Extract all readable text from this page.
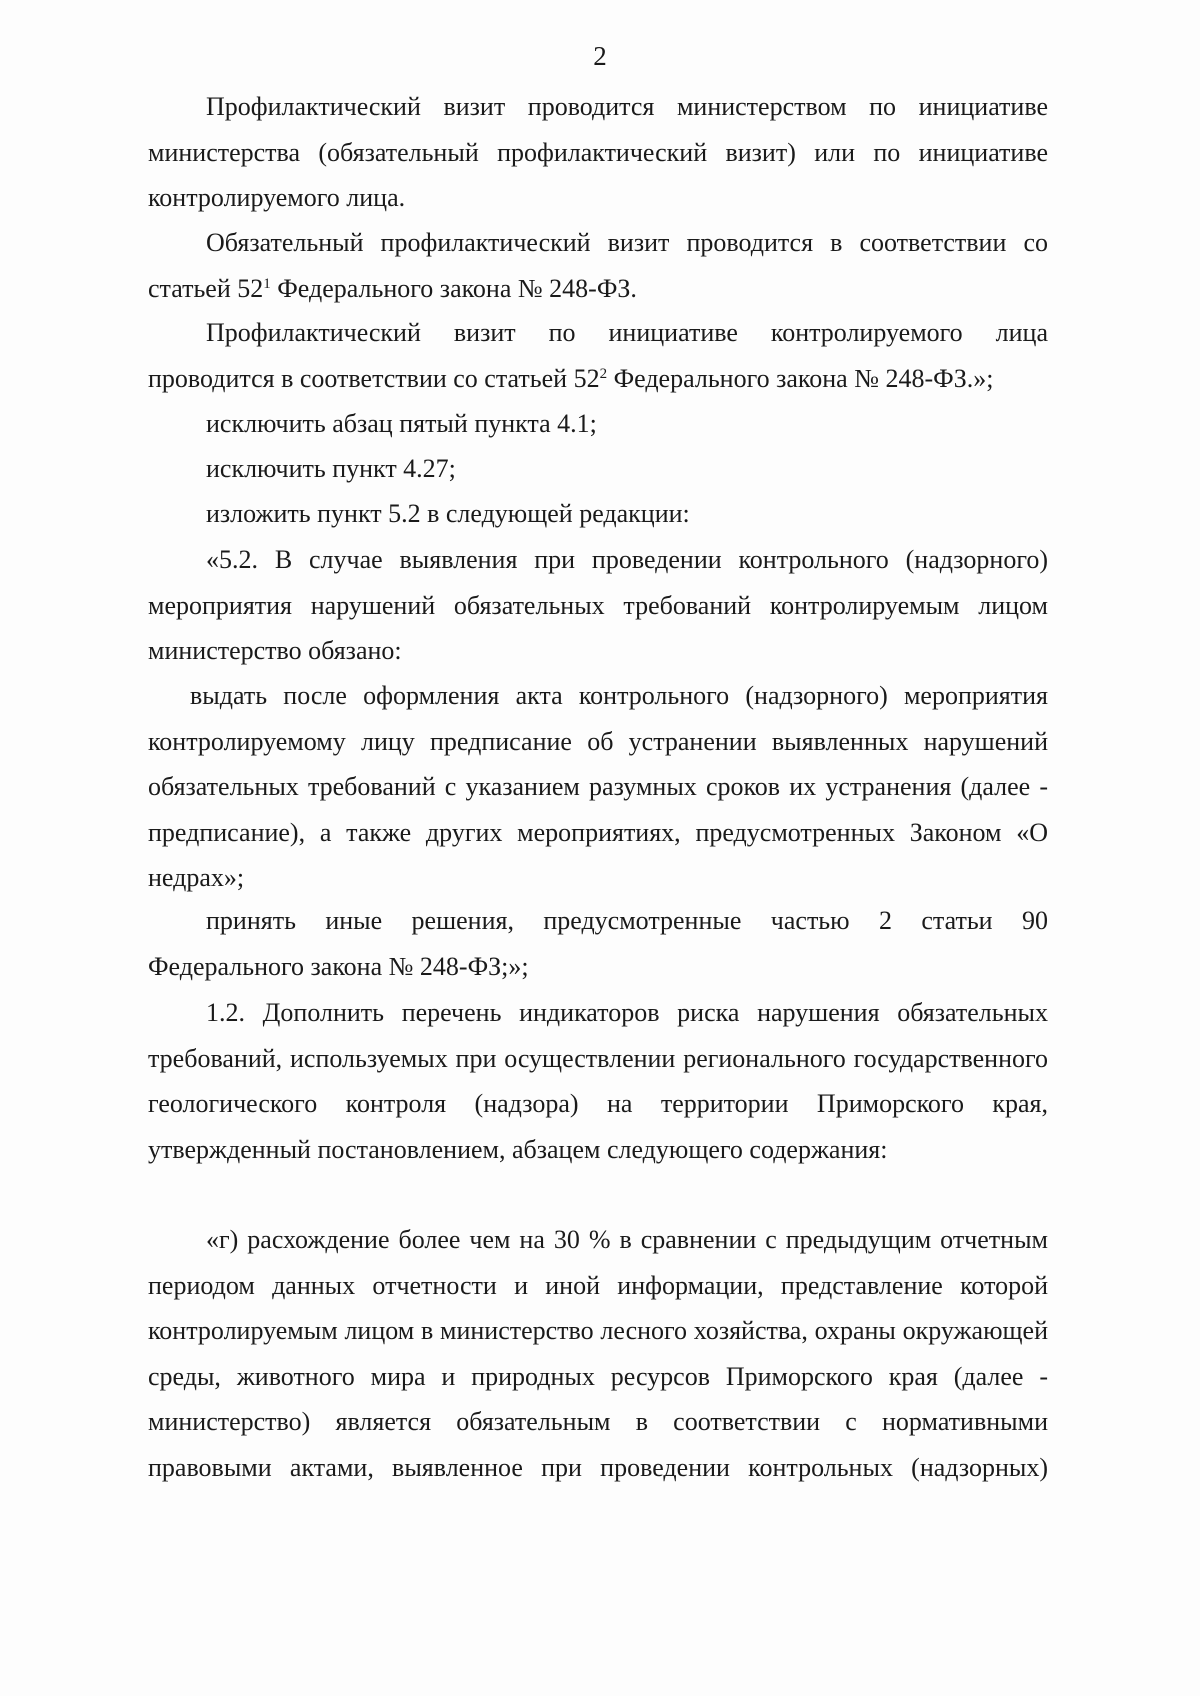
2

Профилактический визит проводится министерством по инициативе министерства (обязательный профилактический визит) или по инициативе контролируемого лица.

Обязательный профилактический визит проводится в соответствии со статьей $52^1$ Федерального закона № 248-ФЗ.

Профилактический визит по инициативе контролируемого лица

проводится в соответствии со статьей $52^2$ Федерального закона № 248-ФЗ.»;

исключить абзац пятый пункта 4.1;

исключить пункт 4.27;

изложить пункт 5.2 в следующей редакции:

«5.2. В случае выявления при проведении контрольного (надзорного) мероприятия нарушений обязательных требований контролируемым лицом министерство обязано:

выдать после оформления акта контрольного (надзорного) мероприятия контролируемому лицу предписание об устранении выявленных нарушений обязательных требований с указанием разумных сроков их устранения (далее - предписание), а также других мероприятиях, предусмотренных Законом «О недрах»;

принять иные решения, предусмотренные частью 2 статьи 90

Федерального закона № 248-ФЗ;»;

1.2. Дополнить перечень индикаторов риска нарушения обязательных требований, используемых при осуществлении регионального государственного геологического контроля (надзора) на территории Приморского края, утвержденный постановлением, абзацем следующего содержания:

«г) расхождение более чем на 30 % в сравнении с предыдущим отчетным периодом данных отчетности и иной информации, представление которой контролируемым лицом в министерство лесного хозяйства, охраны окружающей среды, животного мира и природных ресурсов Приморского края (далее - министерство) является обязательным в соответствии с нормативными правовыми актами, выявленное при проведении контрольных (надзорных)
